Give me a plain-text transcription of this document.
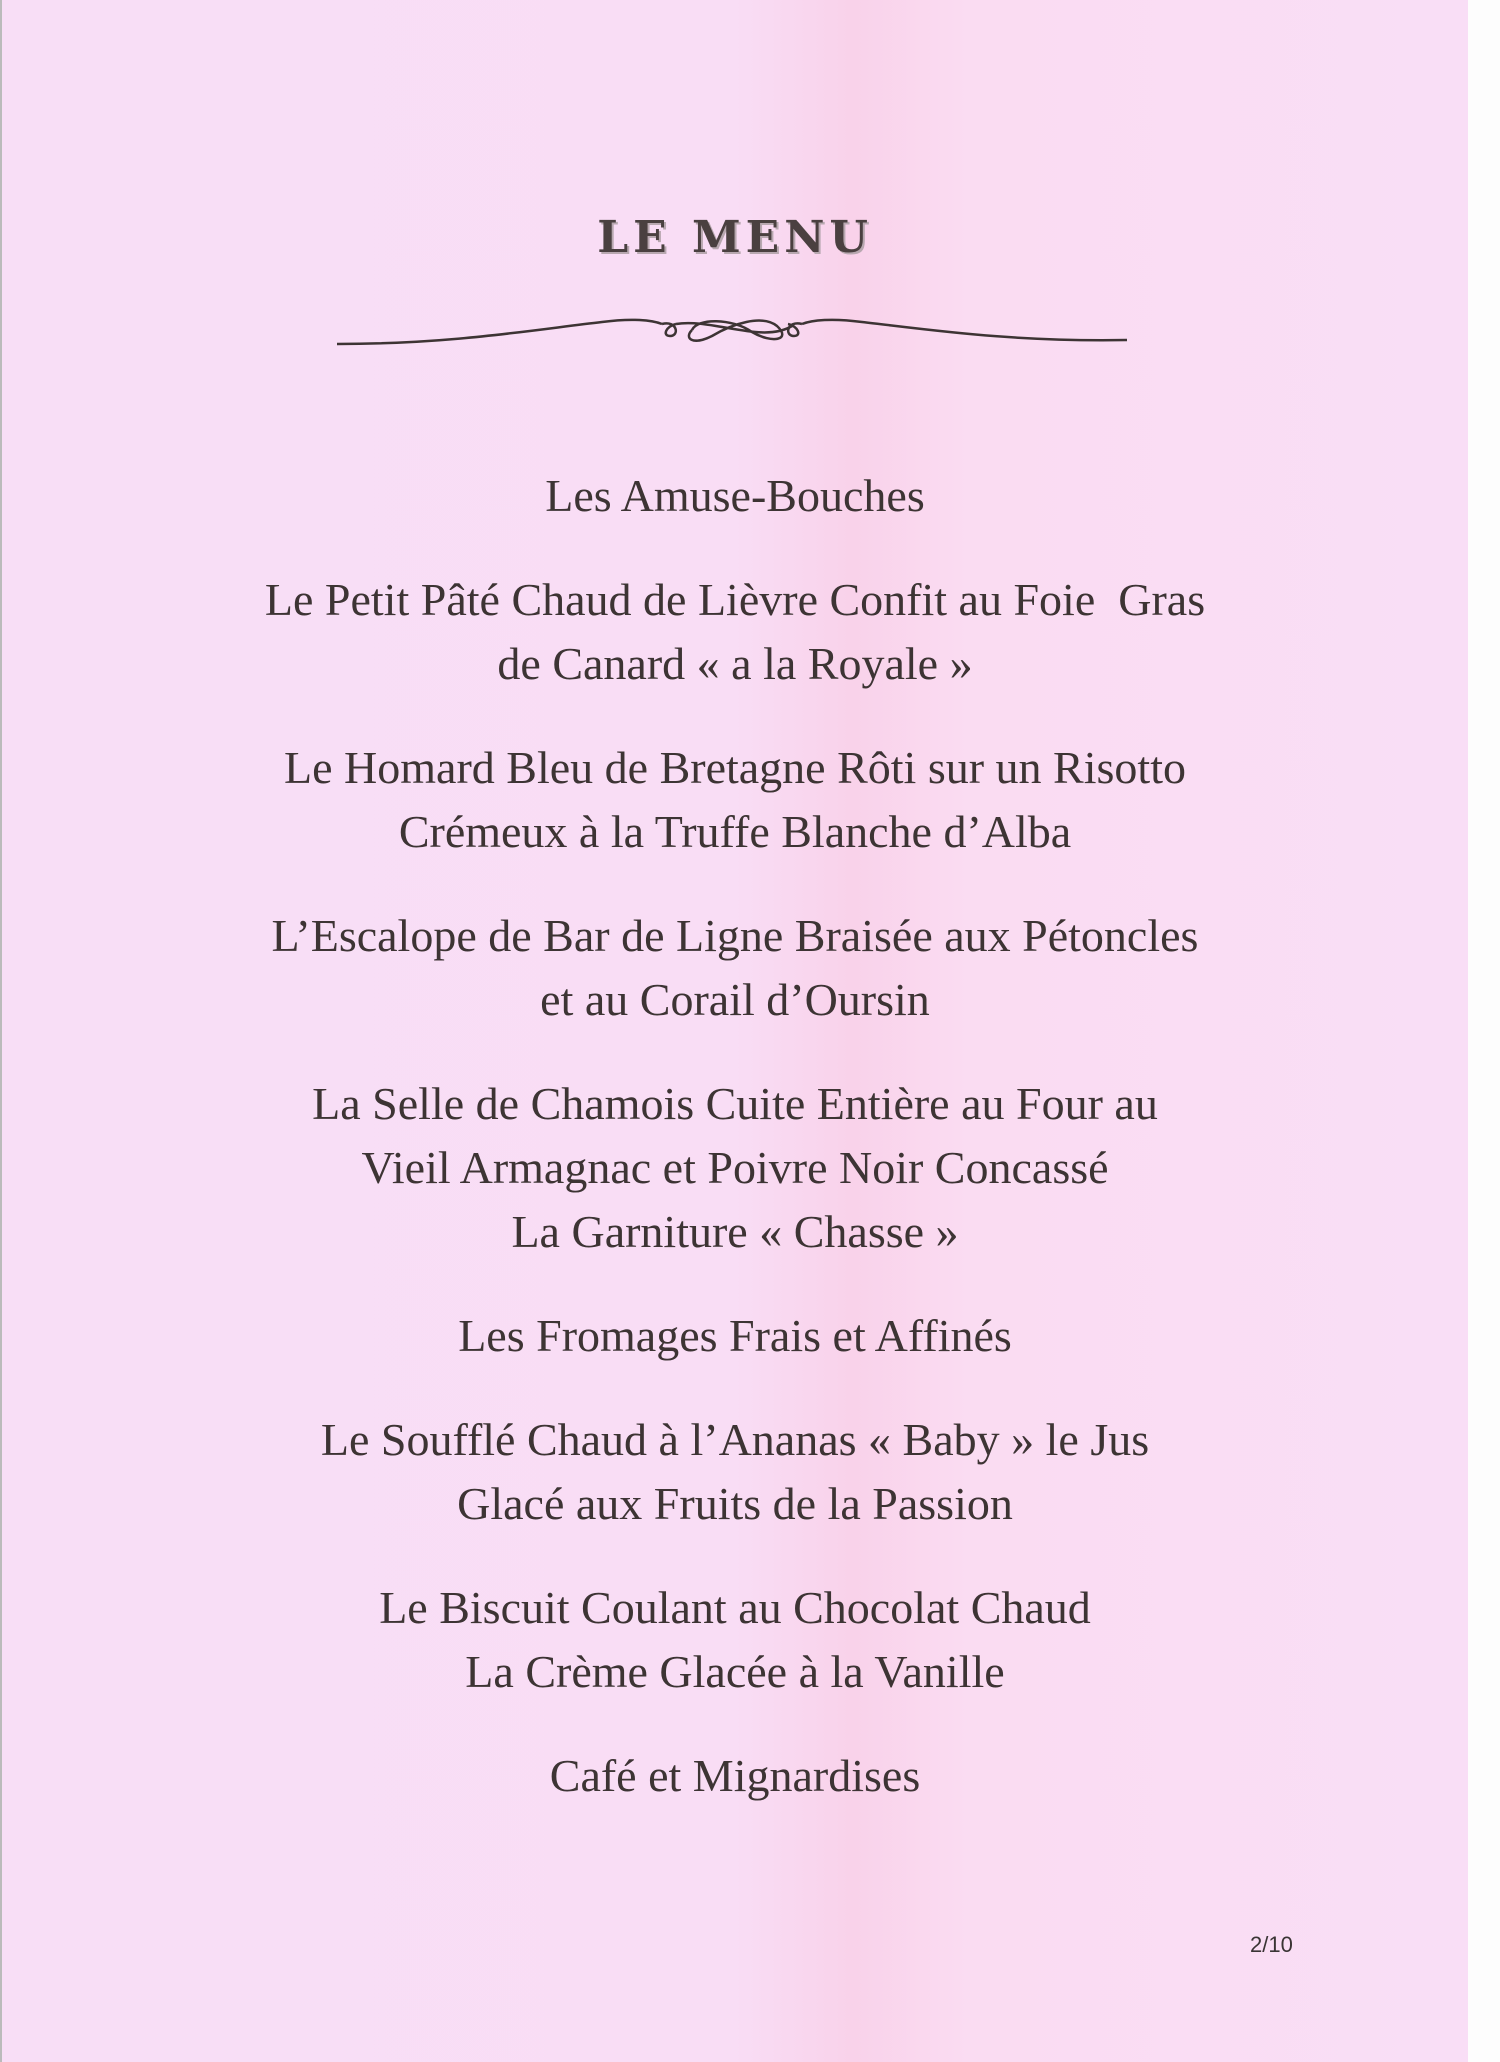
LE MENU
Les Amuse-Bouches
Le Petit Pâté Chaud de Lièvre Confit au Foie  Gras
de Canard « a la Royale »
Le Homard Bleu de Bretagne Rôti sur un Risotto
Crémeux à la Truffe Blanche d’Alba
L’Escalope de Bar de Ligne Braisée aux Pétoncles
et au Corail d’Oursin
La Selle de Chamois Cuite Entière au Four au
Vieil Armagnac et Poivre Noir Concassé
La Garniture « Chasse »
Les Fromages Frais et Affinés
Le Soufflé Chaud à l’Ananas « Baby » le Jus
Glacé aux Fruits de la Passion
Le Biscuit Coulant au Chocolat Chaud
La Crème Glacée à la Vanille
Café et Mignardises
2/10
